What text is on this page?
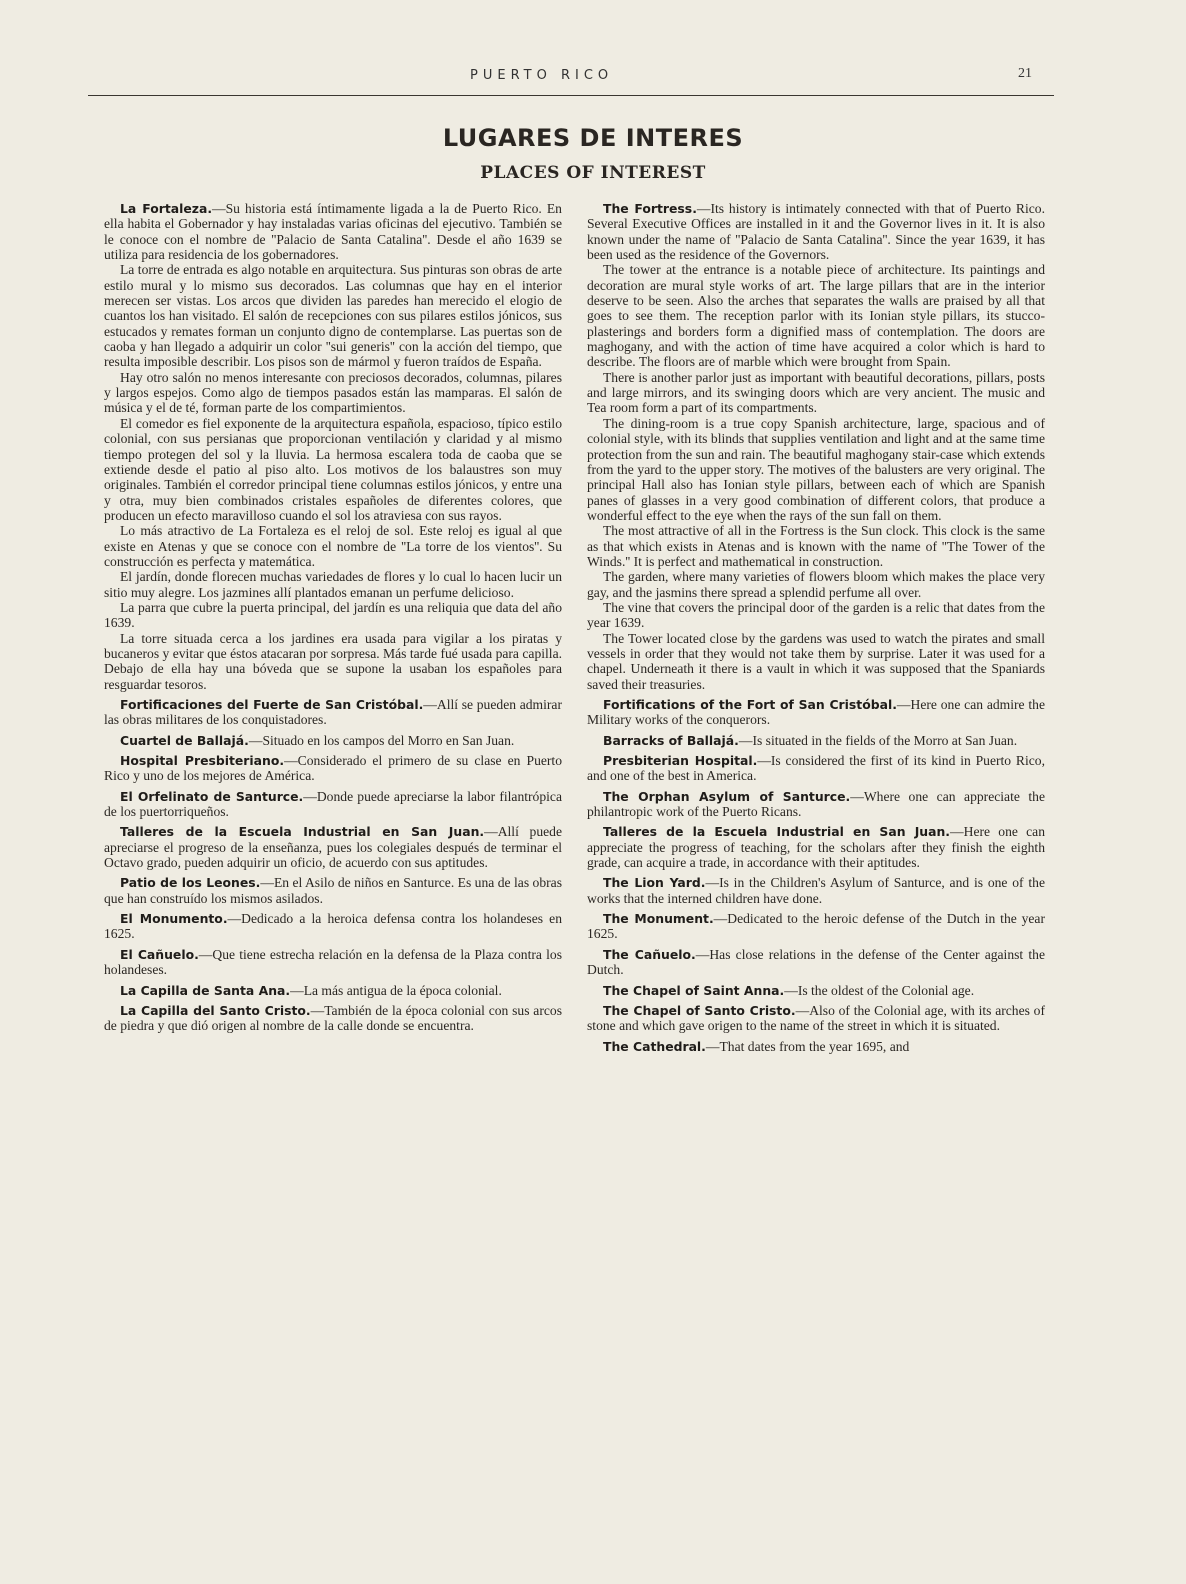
PUERTO RICO	21
LUGARES DE INTERES
PLACES OF INTEREST

La Fortaleza.—Su historia está íntimamente ligada a la de Puerto Rico. En ella habita el Gobernador y hay instaladas varias oficinas del ejecutivo. También se le conoce con el nombre de ''Palacio de Santa Catalina''. Desde el año 1639 se utiliza para residencia de los gobernadores.

La torre de entrada es algo notable en arquitectura. Sus pinturas son obras de arte estilo mural y lo mismo sus decorados. Las columnas que hay en el interior merecen ser vistas. Los arcos que dividen las paredes han merecido el elogio de cuantos los han visitado. El salón de recepciones con sus pilares estilos jónicos, sus estucados y remates forman un conjunto digno de contemplarse. Las puertas son de caoba y han llegado a adquirir un color ''sui generis'' con la acción del tiempo, que resulta imposible describir. Los pisos son de mármol y fueron traídos de España.

Hay otro salón no menos interesante con preciosos decorados, columnas, pilares y largos espejos. Como algo de tiempos pasados están las mamparas. El salón de música y el de té, forman parte de los compartimientos.

El comedor es fiel exponente de la arquitectura española, espacioso, típico estilo colonial, con sus persianas que proporcionan ventilación y claridad y al mismo tiempo protegen del sol y la lluvia. La hermosa escalera toda de caoba que se extiende desde el patio al piso alto. Los motivos de los balaustres son muy originales. También el corredor principal tiene columnas estilos jónicos, y entre una y otra, muy bien combinados cristales españoles de diferentes colores, que producen un efecto maravilloso cuando el sol los atraviesa con sus rayos.

Lo más atractivo de La Fortaleza es el reloj de sol. Este reloj es igual al que existe en Atenas y que se conoce con el nombre de ''La torre de los vientos''. Su construcción es perfecta y matemática.

El jardín, donde florecen muchas variedades de flores y lo cual lo hacen lucir un sitio muy alegre. Los jazmines allí plantados emanan un perfume delicioso.

La parra que cubre la puerta principal, del jardín es una reliquia que data del año 1639.

La torre situada cerca a los jardines era usada para vigilar a los piratas y bucaneros y evitar que éstos atacaran por sorpresa. Más tarde fué usada para capilla. Debajo de ella hay una bóveda que se supone la usaban los españoles para resguardar tesoros.

Fortificaciones del Fuerte de San Cristóbal.—Allí se pueden admirar las obras militares de los conquistadores.

Cuartel de Ballajá.—Situado en los campos del Morro en San Juan.

Hospital Presbiteriano.—Considerado el primero de su clase en Puerto Rico y uno de los mejores de América.

El Orfelinato de Santurce.—Donde puede apreciarse la labor filantrópica de los puertorriqueños.

Talleres de la Escuela Industrial en San Juan.—Allí puede apreciarse el progreso de la enseñanza, pues los colegiales después de terminar el Octavo grado, pueden adquirir un oficio, de acuerdo con sus aptitudes.

Patio de los Leones.—En el Asilo de niños en Santurce. Es una de las obras que han construído los mismos asilados.

El Monumento.—Dedicado a la heroica defensa contra los holandeses en 1625.

El Cañuelo.—Que tiene estrecha relación en la defensa de la Plaza contra los holandeses.

La Capilla de Santa Ana.—La más antigua de la época colonial.

La Capilla del Santo Cristo.—También de la época colonial con sus arcos de piedra y que dió origen al nombre de la calle donde se encuentra.

The Fortress.—Its history is intimately connected with that of Puerto Rico. Several Executive Offices are installed in it and the Governor lives in it. It is also known under the name of ''Palacio de Santa Catalina''. Since the year 1639, it has been used as the residence of the Governors.

The tower at the entrance is a notable piece of architecture. Its paintings and decoration are mural style works of art. The large pillars that are in the interior deserve to be seen. Also the arches that separates the walls are praised by all that goes to see them. The reception parlor with its Ionian style pillars, its stucco-plasterings and borders form a dignified mass of contemplation. The doors are maghogany, and with the action of time have acquired a color which is hard to describe. The floors are of marble which were brought from Spain.

There is another parlor just as important with beautiful decorations, pillars, posts and large mirrors, and its swinging doors which are very ancient. The music and Tea room form a part of its compartments.

The dining-room is a true copy Spanish architecture, large, spacious and of colonial style, with its blinds that supplies ventilation and light and at the same time protection from the sun and rain. The beautiful maghogany stair-case which extends from the yard to the upper story. The motives of the balusters are very original. The principal Hall also has Ionian style pillars, between each of which are Spanish panes of glasses in a very good combination of different colors, that produce a wonderful effect to the eye when the rays of the sun fall on them.

The most attractive of all in the Fortress is the Sun clock. This clock is the same as that which exists in Atenas and is known with the name of ''The Tower of the Winds.'' It is perfect and mathematical in construction.

The garden, where many varieties of flowers bloom which makes the place very gay, and the jasmins there spread a splendid perfume all over.

The vine that covers the principal door of the garden is a relic that dates from the year 1639.

The Tower located close by the gardens was used to watch the pirates and small vessels in order that they would not take them by surprise. Later it was used for a chapel. Underneath it there is a vault in which it was supposed that the Spaniards saved their treasuries.

Fortifications of the Fort of San Cristóbal.—Here one can admire the Military works of the conquerors.

Barracks of Ballajá.—Is situated in the fields of the Morro at San Juan.

Presbiterian Hospital.—Is considered the first of its kind in Puerto Rico, and one of the best in America.

The Orphan Asylum of Santurce.—Where one can appreciate the philantropic work of the Puerto Ricans.

Talleres de la Escuela Industrial en San Juan.—Here one can appreciate the progress of teaching, for the scholars after they finish the eighth grade, can acquire a trade, in accordance with their aptitudes.

The Lion Yard.—Is in the Children's Asylum of Santurce, and is one of the works that the interned children have done.

The Monument.—Dedicated to the heroic defense of the Dutch in the year 1625.

The Cañuelo.—Has close relations in the defense of the Center against the Dutch.

The Chapel of Saint Anna.—Is the oldest of the Colonial age.

The Chapel of Santo Cristo.—Also of the Colonial age, with its arches of stone and which gave origen to the name of the street in which it is situated.

The Cathedral.—That dates from the year 1695, and
